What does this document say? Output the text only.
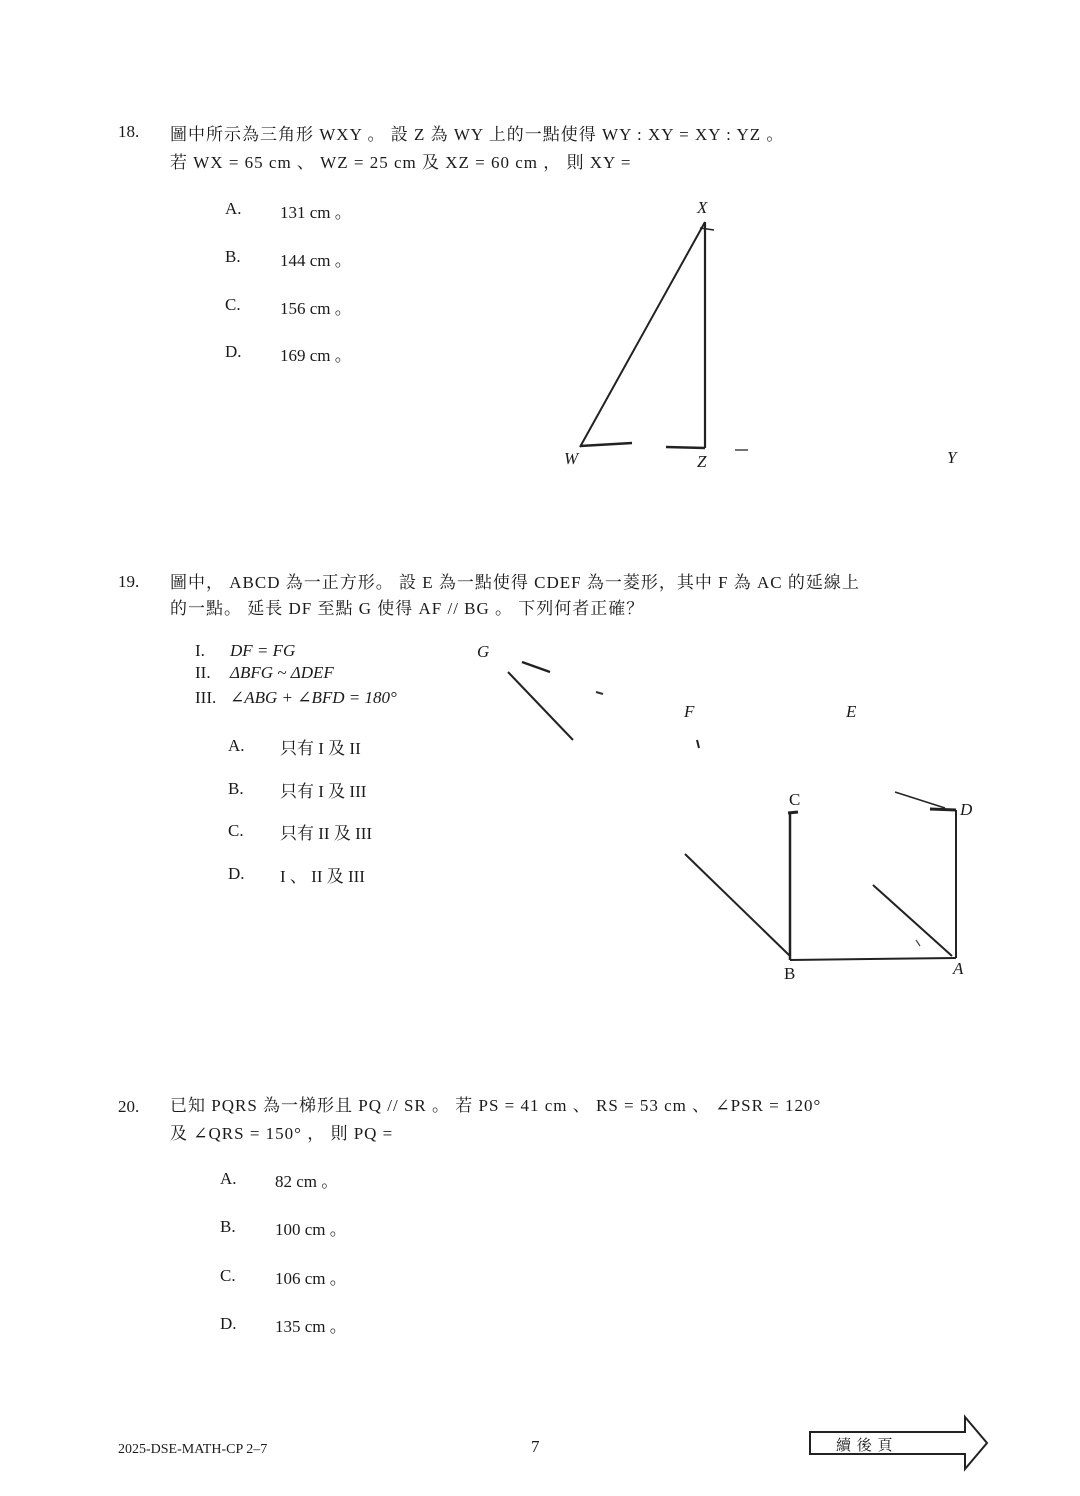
18. 圖中所示為三角形 WXY 。 設 Z 為 WY 上的一點使得 WY : XY = XY : YZ 。
若 WX = 65 cm 、 WZ = 25 cm 及 XZ = 60 cm ， 則 XY =
A. 131 cm 。
B. 144 cm 。
C. 156 cm 。
D. 169 cm 。
X
W	Z	Y
19. 圖中， ABCD 為一正方形。 設 E 為一點使得 CDEF 為一菱形，其中 F 為 AC 的延線上
的一點。 延長 DF 至點 G 使得 AF // BG 。 下列何者正確？
I. DF = FG
II. ΔBFG ~ ΔDEF
III. ∠ABG + ∠BFD = 180°
A. 只有 I 及 II
B. 只有 I 及 III
C. 只有 II 及 III
D. I 、 II 及 III
G
F	E
C
D
B	A
20. 已知 PQRS 為一梯形且 PQ // SR 。 若 PS = 41 cm 、 RS = 53 cm 、 ∠PSR = 120°
及 ∠QRS = 150° ， 則 PQ =
A. 82 cm 。
B. 100 cm 。
C. 106 cm 。
D. 135 cm 。
2025-DSE-MATH-CP 2–7	7	續 後 頁
